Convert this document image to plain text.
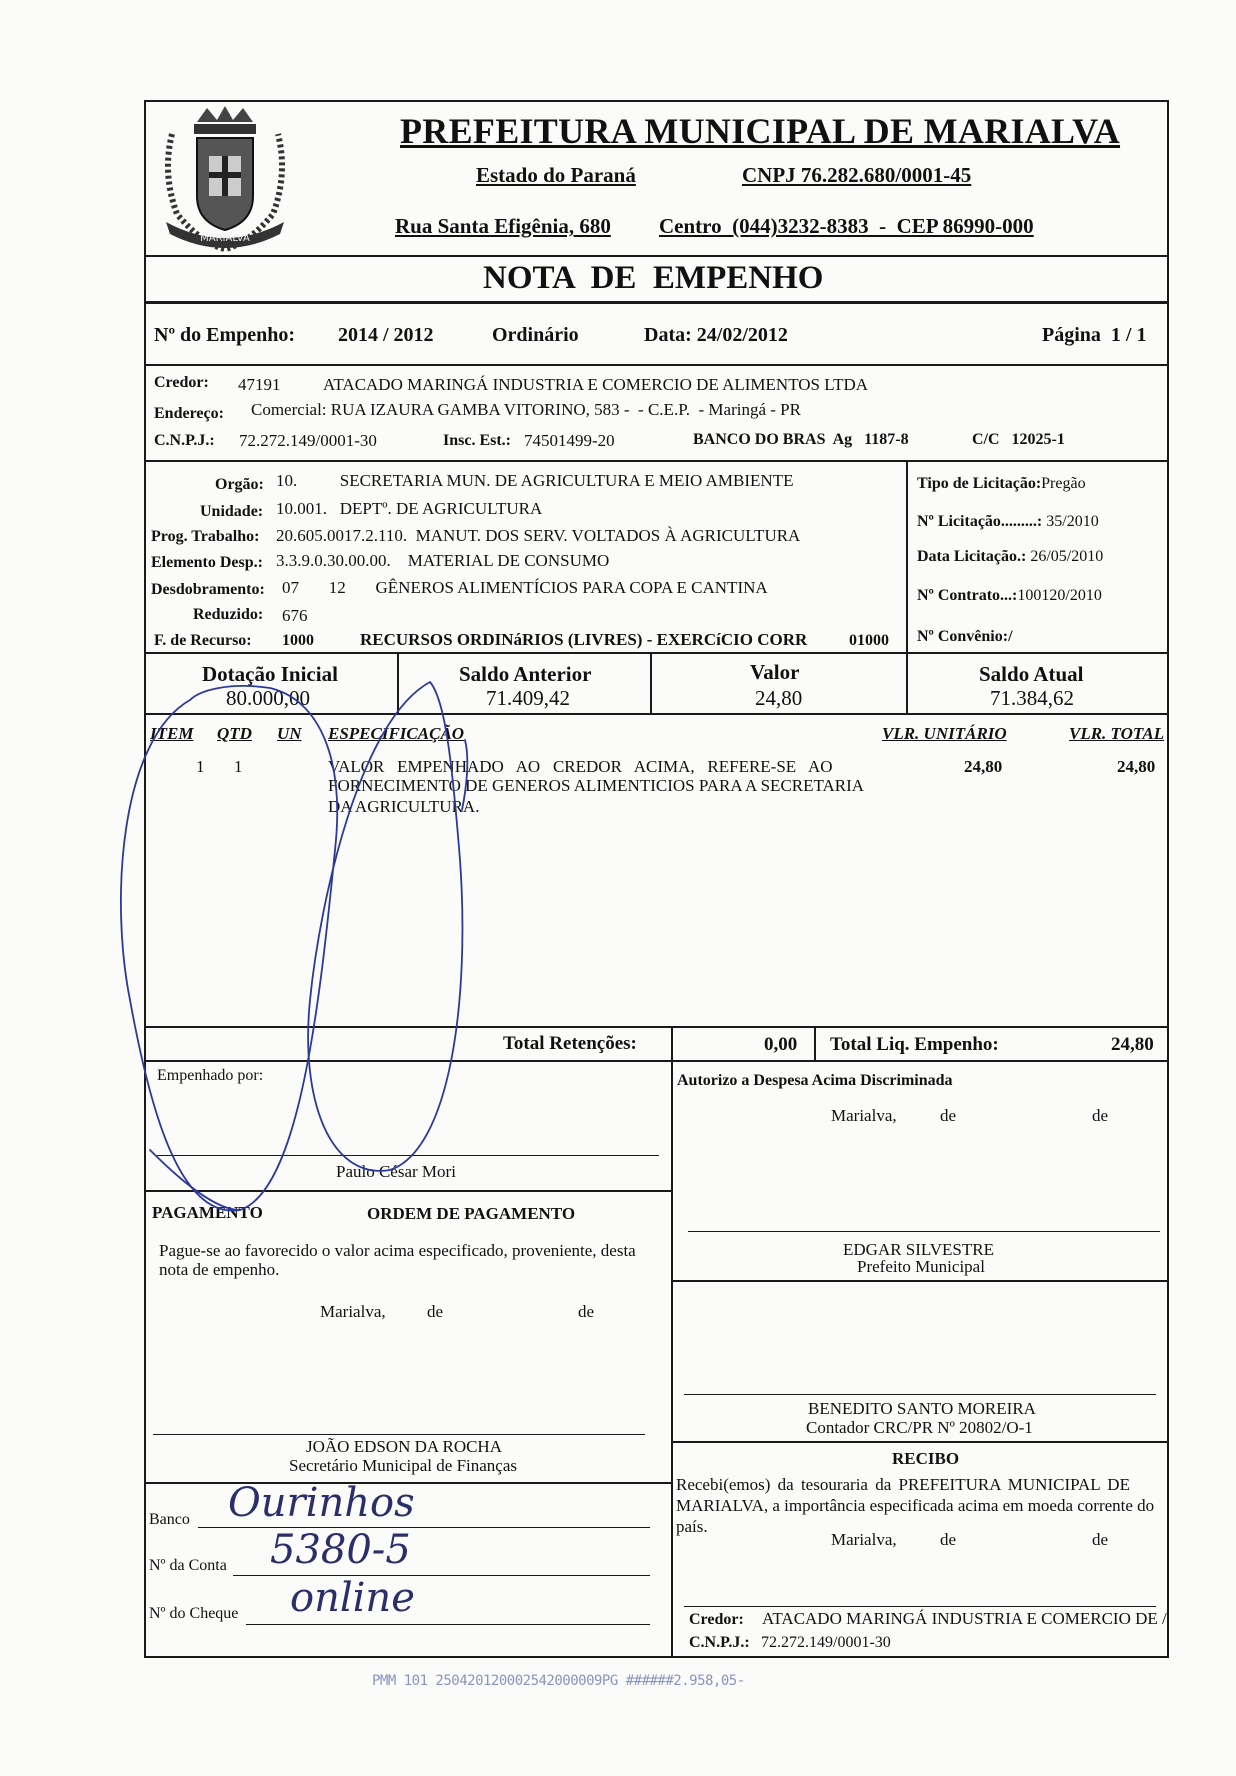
MARIALVA
PREFEITURA MUNICIPAL DE MARIALVA
Estado do Paraná	CNPJ 76.282.680/0001-45
Rua Santa Efigênia, 680 Centro  (044)3232-8383  -  CEP 86990-000
NOTA  DE  EMPENHO
Nº do Empenho: 2014 / 2012	Ordinário	Data: 24/02/2012	Página  1 / 1
Credor: 47191	ATACADO MARINGÁ INDUSTRIA E COMERCIO DE ALIMENTOS LTDA
Endereço: Comercial: RUA IZAURA GAMBA VITORINO, 583 -  - C.E.P.  - Maringá - PR
C.N.P.J.: 72.272.149/0001-30	Insc. Est.: 74501499-20	BANCO DO BRAS  Ag   1187-8	C/C   12025-1
Orgão: 10.          SECRETARIA MUN. DE AGRICULTURA E MEIO AMBIENTE
Unidade: 10.001.   DEPTº. DE AGRICULTURA
Prog. Trabalho: 20.605.0017.2.110.  MANUT. DOS SERV. VOLTADOS À AGRICULTURA
Elemento Desp.: 3.3.9.0.30.00.00.    MATERIAL DE CONSUMO
Desdobramento: 07       12       GÊNEROS ALIMENTÍCIOS PARA COPA E CANTINA
Reduzido: 676
F. de Recurso: 1000	RECURSOS ORDINáRIOS (LIVRES) - EXERCíCIO CORR	01000
Tipo de Licitação:Pregão
Nº Licitação.........: 35/2010
Data Licitação.: 26/05/2010
Nº Contrato...:100120/2010
Nº Convênio:/
Dotação Inicial
80.000,00
Saldo Anterior
71.409,42
Valor
24,80
Saldo Atual
71.384,62
ITEM QTD UN ESPECIFICAÇÃO	VLR. UNITÁRIO	VLR. TOTAL
1 1	VALOR   EMPENHADO   AO   CREDOR   ACIMA,   REFERE-SE   AO
FORNECIMENTO DE GENEROS ALIMENTICIOS PARA A SECRETARIA
DA AGRICULTURA.
24,80	24,80
Total Retenções:	0,00 Total Liq. Empenho:	24,80
Empenhado por:
Paulo César Mori
Autorizo a Despesa Acima Discriminada
Marialva,	de	de
EDGAR SILVESTRE
Prefeito Municipal
BENEDITO SANTO MOREIRA
Contador CRC/PR Nº 20802/O-1
PAGAMENTO	ORDEM DE PAGAMENTO
Pague-se ao favorecido o valor acima especificado, proveniente, desta
nota de empenho.
Marialva, de	de
JOÃO EDSON DA ROCHA
Secretário Municipal de Finanças
Banco Ourinhos
Nº da Conta 5380-5
Nº do Cheque online
RECIBO
Recebi(emos) da tesouraria da PREFEITURA MUNICIPAL DE
MARIALVA, a importância especificada acima em moeda corrente do
país.
Marialva,	de	de
Credor: ATACADO MARINGÁ INDUSTRIA E COMERCIO DE /
C.N.P.J.: 72.272.149/0001-30
PMM 101 250420120002542000009PG ######2.958,05-
